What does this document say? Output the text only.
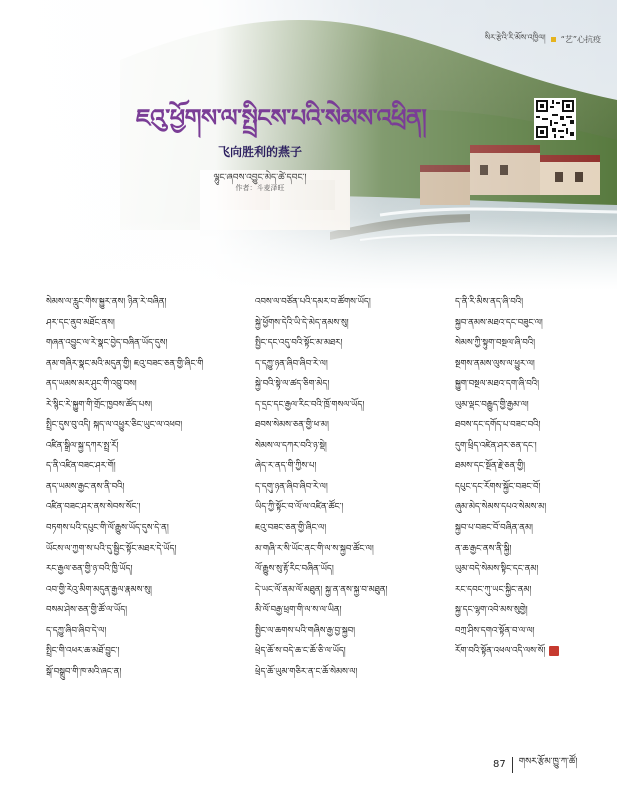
སིར་རྩེའི་རི་མོས་འཁྱིལ། “艺”心抗疫
ཇའུ་ཕྱོགས་ལ་སྤྲིངས་པའི་སེམས་འཕྲིན།
飞向胜利的燕子
ལྷུང་ཞབས་འབྱུང་མེད་ཚེ་དབང་།
作者：斗麦泽旺
སེམས་ལ་རླུང་གིས་སྐྱུར་ནས། ཉིན་རེ་བཞིན།
ཤར་དང་ནུབ་མཐོང་ནས།
གཞན་འབྱུང་ལ་རེ་སྣང་བྱེད་བཞིན་ཡོད་དུས།
ནམ་གཞིར་སྣང་མའི་མདུན་གྱི། ཇའུ་བཟང་ཅན་གྱི་ཞིང་གི
ནད་ཡམས་མར་ཤུང་གི་འབྲུ་བས།
རེ་སྙིང་རེ་སྐྱུག་གི་གྲོང་ཁྱབས་ཚོད་པས།
སྤྲིང་དུས་བུ་འདི། སྐད་ལ་འཕྱུར་ཅིང་ཡུང་ལ་འཕབ།
འཛིན་སྒྲིལ་སྐྱ་དཀར་སྤྲ་རོ།
ད་ནི་འཛིན་བཟང་ཤར་གོ།
ནད་ཡམས་རྒྱང་ནས་ནི་བའི།
འཛིན་བཟང་ཤར་ནས་སེབས་སོང་།
བཏགས་པའི་དཔུང་གི་ལོ་རྒྱུས་ཡོད་དུས་དེ་ན།
ཡོངས་ལ་ཀྱག་ས་པའི་དུ་སྦྱིང་སྟོང་མཐར་དེ་ཡོད།
རང་རྒྱལ་ཅན་གྱི་ཉ་བའི་ཁྱི་ཡོད།
འབ་གྱི་རེའུ་མིག་མདུན་རྒྱལ་རྣམས་སུ།
བསམ་ཤེས་ཅན་གྱི་ཚོ་ལ་ཡོད།
ད་དཀྱུ་ཞིབ་ཞིབ་དེ་ལ།
སྤྲིང་གི་འཕར་ཆ་མཐོ་བྱུང་།
སྒོ་བསྒྲུབ་གི་ཁ་མའི་ཞང་ན།
འབས་ལ་བཙོན་པའི་དམར་བ་ཚོགས་ཡོད།
སྐྱེ་ཕྱོགས་དེའི་ཡི་དེ་མེད་ནམས་སུ།
སྤྱིང་དང་འདུ་བའི་སྟོང་མ་མཐར།
ད་དཀྱུ་ཉན་ཞིབ་ཞིབ་རེ་ལ།
སྐྱེ་བའི་སྟེ་ལ་ཚད་ཅིག་མེད།
ད་དྲང་དང་རྒྱལ་རིང་བའི་ཁྲོ་གསལ་ཡོད།
ཐབས་སེམས་ཅན་གྱི་ཕ་མ།
སེམས་ལ་དཀར་བའི་ཉ་སྡེ།
ཞེད་ར་ནད་གི་ཀྱིས་པ།
ད་དགུ་ཉན་ཞིབ་ཞིབ་རེ་ལ།
ཡིད་ཀྱི་སྟོང་བ་ལོ་ལ་འཛིན་ཚོང་།
ཇའུ་བཟང་ཅན་གྱི་ཞིང་ལ།
མ་གཞི་ར་སི་ཡོང་ནང་གི་ལ་ས་སྐྱབ་ཚོང་ལ།
ལོ་རྒྱུས་སུ་རྟོ་རིང་བཞིན་ཡོད།
དེ་ཡང་ལོ་ནམ་ལོ་མཐུན། སྐྱ་ན་ནས་སྐྱ་བ་མཐུན།
མི་ལོ་བརྒྱ་ཕྲག་གི་ལ་ས་ལ་ཡིན།
སྤྱིང་ལ་ཆགས་པའི་གཞིས་རྒྱ་བྱ་སྐྱབ།
ཕྲེད་ཆོ་ས་བདེ་ཆ་ང་ཆོ་ཅི་ལ་ཡོད།
ཕྲེད་ཆོ་ཡུམ་གཅིར་ན་ང་ཆོ་སེམས་ལ།
ད་ནི་རི་མིས་ནད་ཞི་བའི།
སྐྱབ་ནམས་མཐའ་དང་བཟུང་ལ།
སེམས་ཀྱི་སྟུག་བསྔལ་ཞི་བའི།
སྔགས་ནམས་ལུས་ལ་ཕྱུར་ལ།
སྐྱུག་བསྔལ་མཐའ་དག་ཞི་བའི།
ཡུམ་ལྡང་བརྒྱུད་གྱི་རྒྱམ་ལ།
ཐབས་དང་དགོད་པ་བཟང་བའི།
དུག་ཕྲིད་འཛེན་ཤར་ཅན་དང་།
ཐམས་དང་སྔོན་རྗེ་ཅན་གྱི།
དཔུང་དང་རོགས་སྐྱོང་བཟང་བོ།
ཞུམ་མེད་སེམས་དཔའ་སེམས་མ།
སྐྱབ་པ་བཟང་བོ་བཞིན་ནམ།
ན་ཆ་རྒྱང་ནས་ནི་སྐྱི།
ཡུམ་བདེ་སེམས་སྟིང་དང་ནམ།
རང་དབང་ཀུ་ཡང་སྐྱིང་ནམ།
སྐྱ་དང་ལྷག་འབེ་མས་སུགྱེ།
བཀྲ་ཤིས་དགའ་སྟོན་བ་ལ་ལ།
རོག་བའི་སྟོན་འཕལ་འདི་ལས་སོ།
87 གསར་རྩོམ་ཁྱུ་ཀ་ཚོ།
